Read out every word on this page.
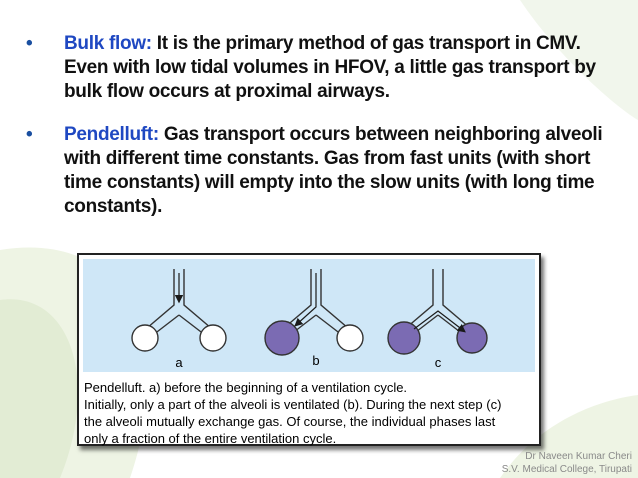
• Bulk flow: It is the primary method of gas transport in CMV. Even with low tidal volumes in HFOV, a little gas transport by bulk flow occurs at proximal airways.
• Pendelluft: Gas transport occurs between neighboring alveoli with different time constants. Gas from fast units (with short time constants) will empty into the slow units (with long time constants).
a	b	c
Pendelluft. a) before the beginning of a ventilation cycle.
Initially, only a part of the alveoli is ventilated (b). During the next step (c)
the alveoli mutually exchange gas. Of course, the individual phases last
only a fraction of the entire ventilation cycle.
Dr Naveen Kumar Cheri
S.V. Medical College, Tirupati
